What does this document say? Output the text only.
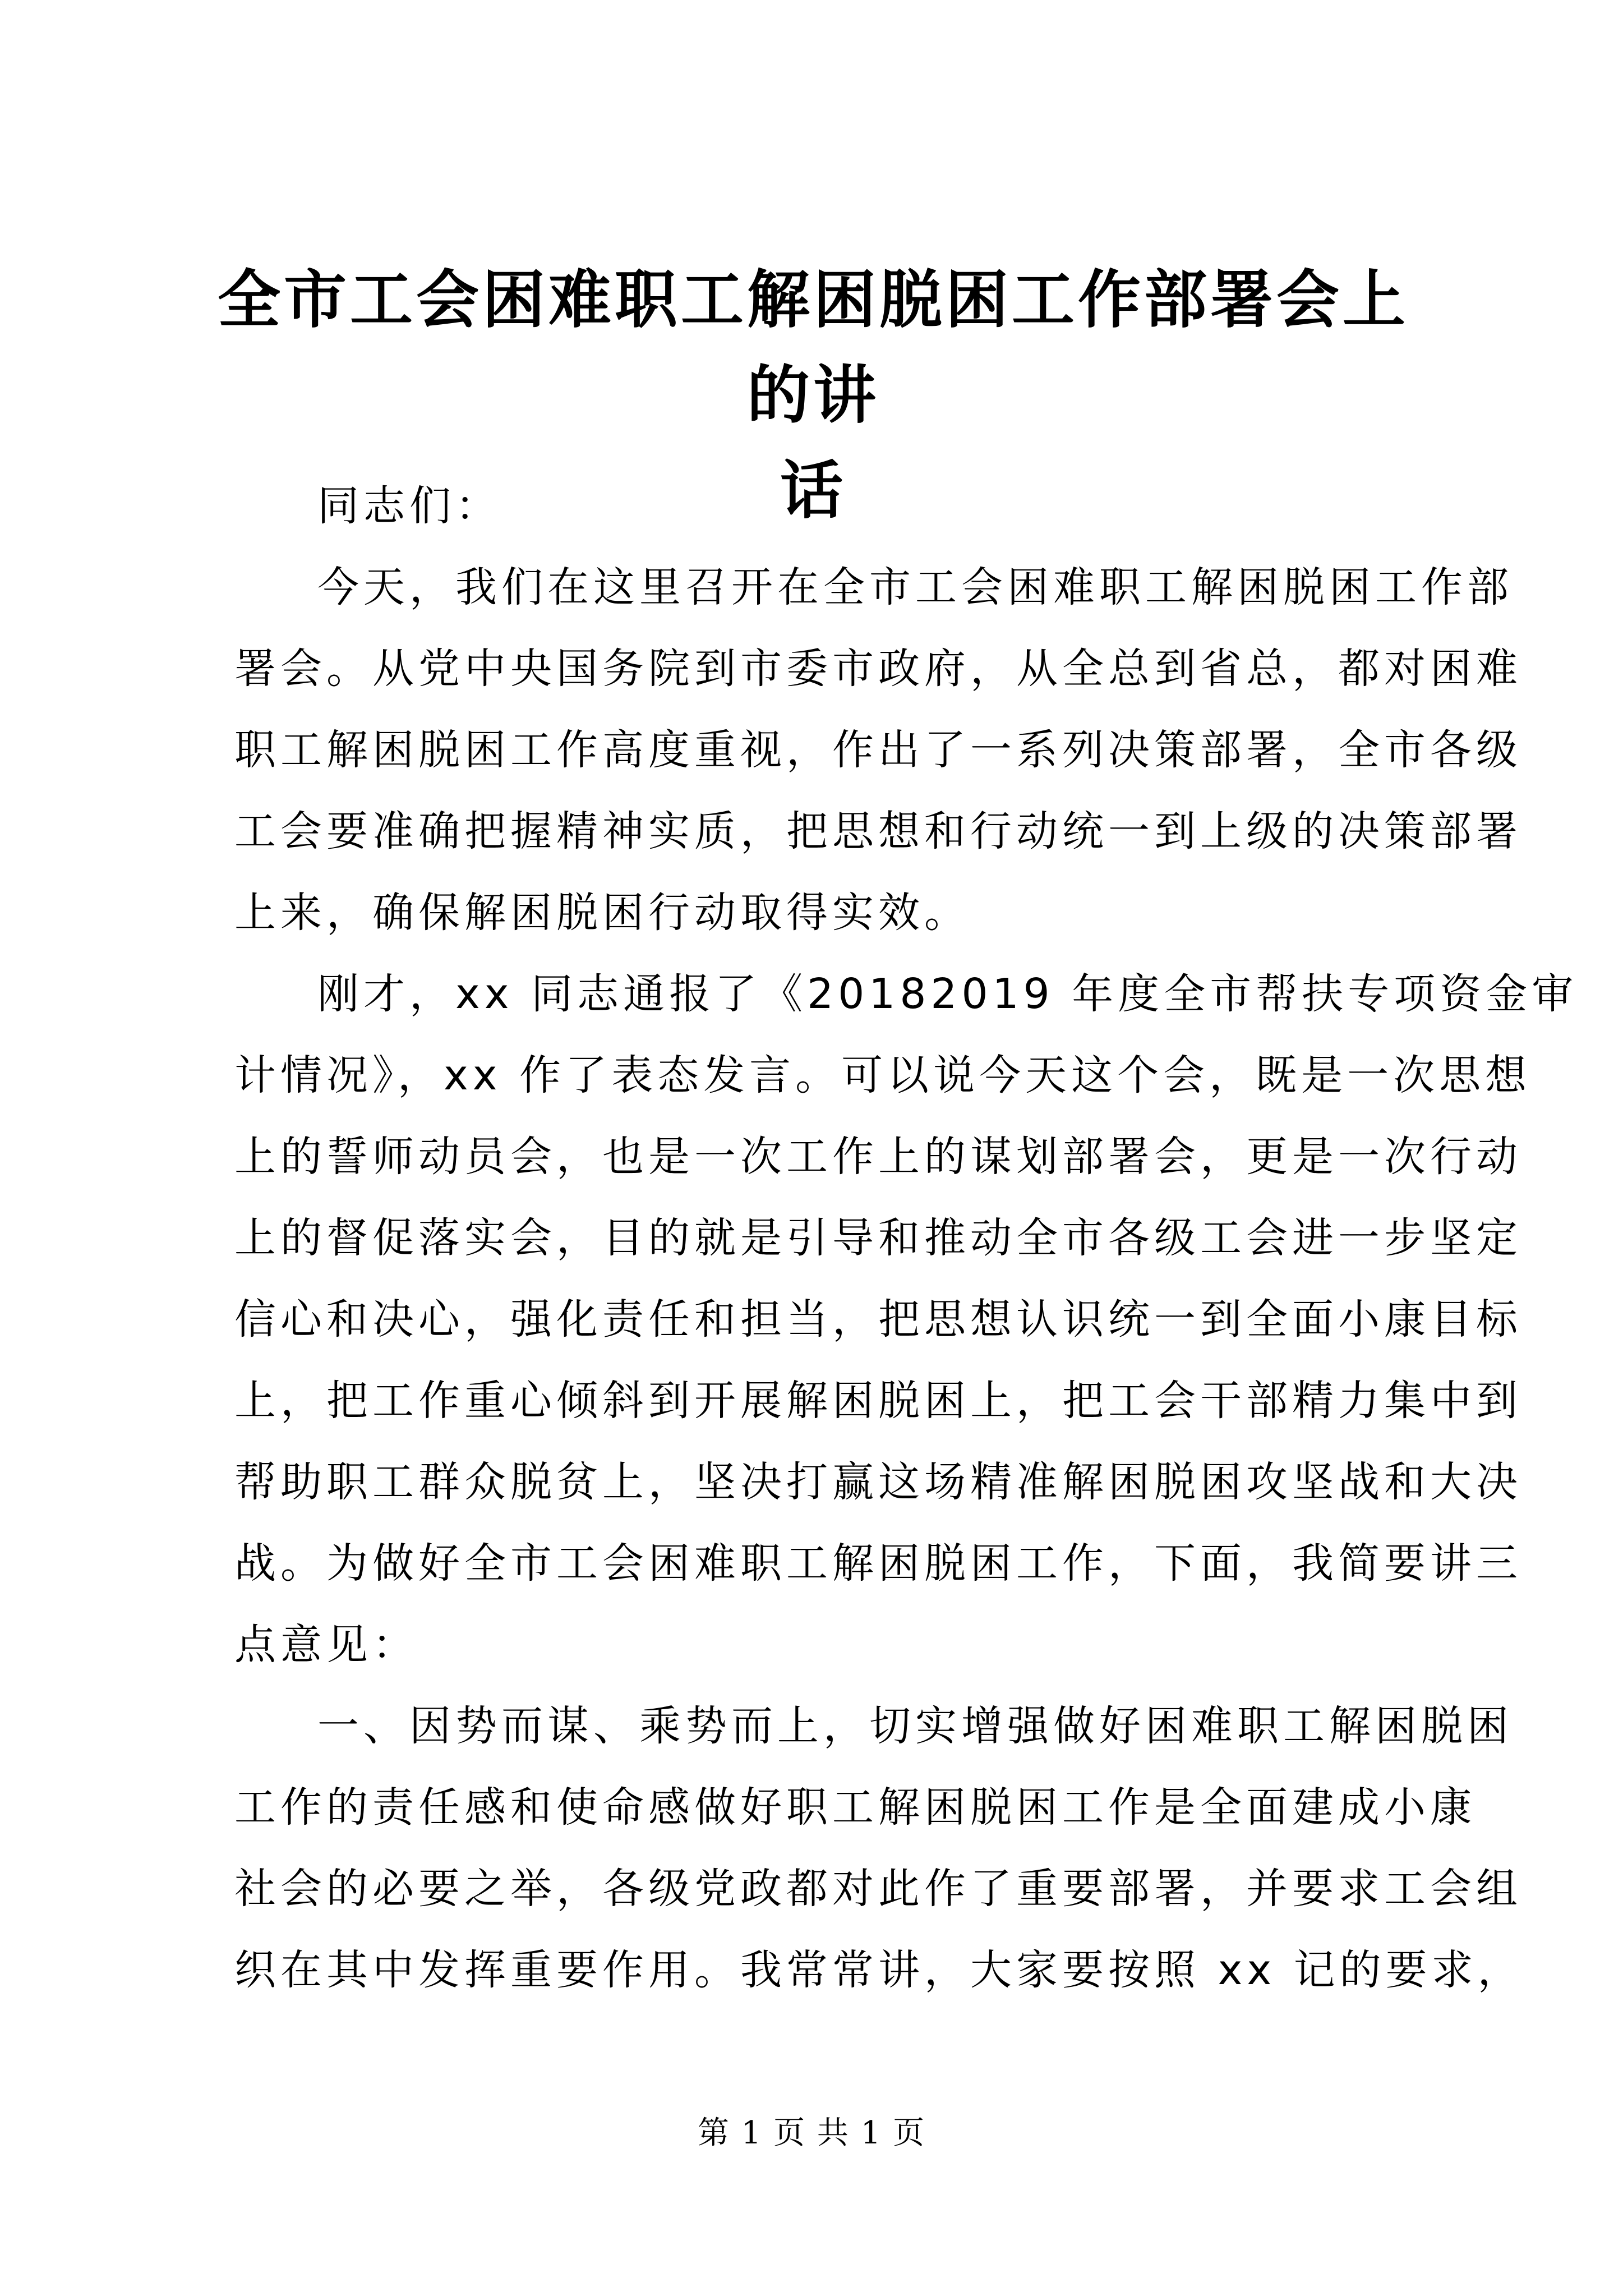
全市工会困难职工解困脱困工作部署会上的讲
话
同志们：
今天，我们在这里召开在全市工会困难职工解困脱困工作部
署会。从党中央国务院到市委市政府，从全总到省总，都对困难
职工解困脱困工作高度重视，作出了一系列决策部署，全市各级
工会要准确把握精神实质，把思想和行动统一到上级的决策部署
上来，确保解困脱困行动取得实效。
刚才，xx 同志通报了《20182019 年度全市帮扶专项资金审
计情况》，xx 作了表态发言。可以说今天这个会，既是一次思想
上的誓师动员会，也是一次工作上的谋划部署会，更是一次行动
上的督促落实会，目的就是引导和推动全市各级工会进一步坚定
信心和决心，强化责任和担当，把思想认识统一到全面小康目标
上，把工作重心倾斜到开展解困脱困上，把工会干部精力集中到
帮助职工群众脱贫上，坚决打赢这场精准解困脱困攻坚战和大决
战。为做好全市工会困难职工解困脱困工作，下面，我简要讲三
点意见：
一、因势而谋、乘势而上，切实增强做好困难职工解困脱困
工作的责任感和使命感做好职工解困脱困工作是全面建成小康
社会的必要之举，各级党政都对此作了重要部署，并要求工会组
织在其中发挥重要作用。我常常讲，大家要按照 xx 记的要求，
第 1 页 共 1 页
